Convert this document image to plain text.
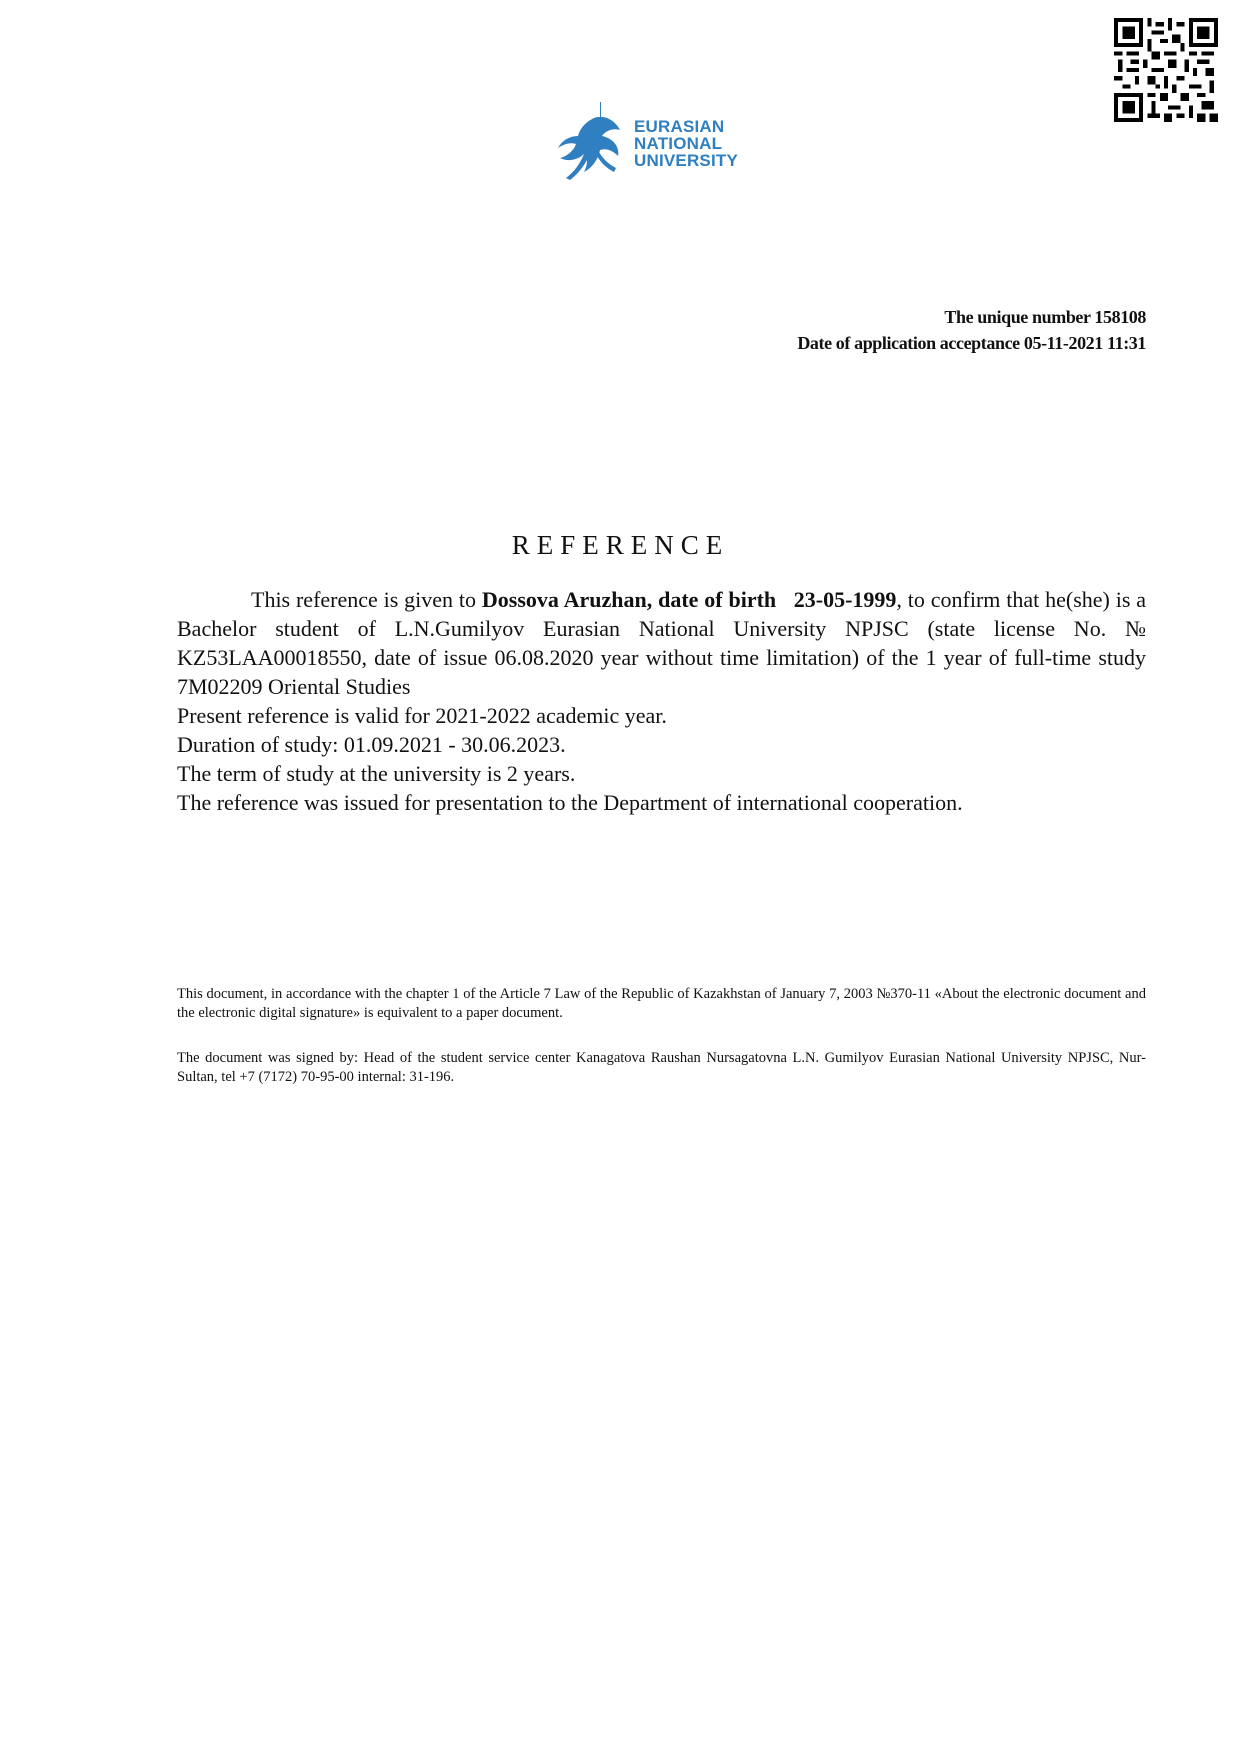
EURASIAN
NATIONAL
UNIVERSITY
The unique number 158108
Date of application acceptance 05-11-2021 11:31
REFERENCE

This reference is given to Dossova Aruzhan, date of birth 23-05-1999, to confirm that he(she) is a Bachelor student of L.N.Gumilyov Eurasian National University NPJSC (state license No. № KZ53LAA00018550, date of issue 06.08.2020 year without time limitation) of the 1 year of full-time study 7M02209 Oriental Studies

Present reference is valid for 2021-2022 academic year.

Duration of study: 01.09.2021 - 30.06.2023.

The term of study at the university is 2 years.

The reference was issued for presentation to the Department of international cooperation.

This document, in accordance with the chapter 1 of the Article 7 Law of the Republic of Kazakhstan of January 7, 2003 №370-11 «About the electronic document and the electronic digital signature» is equivalent to a paper document.
The document was signed by: Head of the student service center Kanagatova Raushan Nursagatovna L.N. Gumilyov Eurasian National University NPJSC, Nur-Sultan, tel +7 (7172) 70-95-00 internal: 31-196.
